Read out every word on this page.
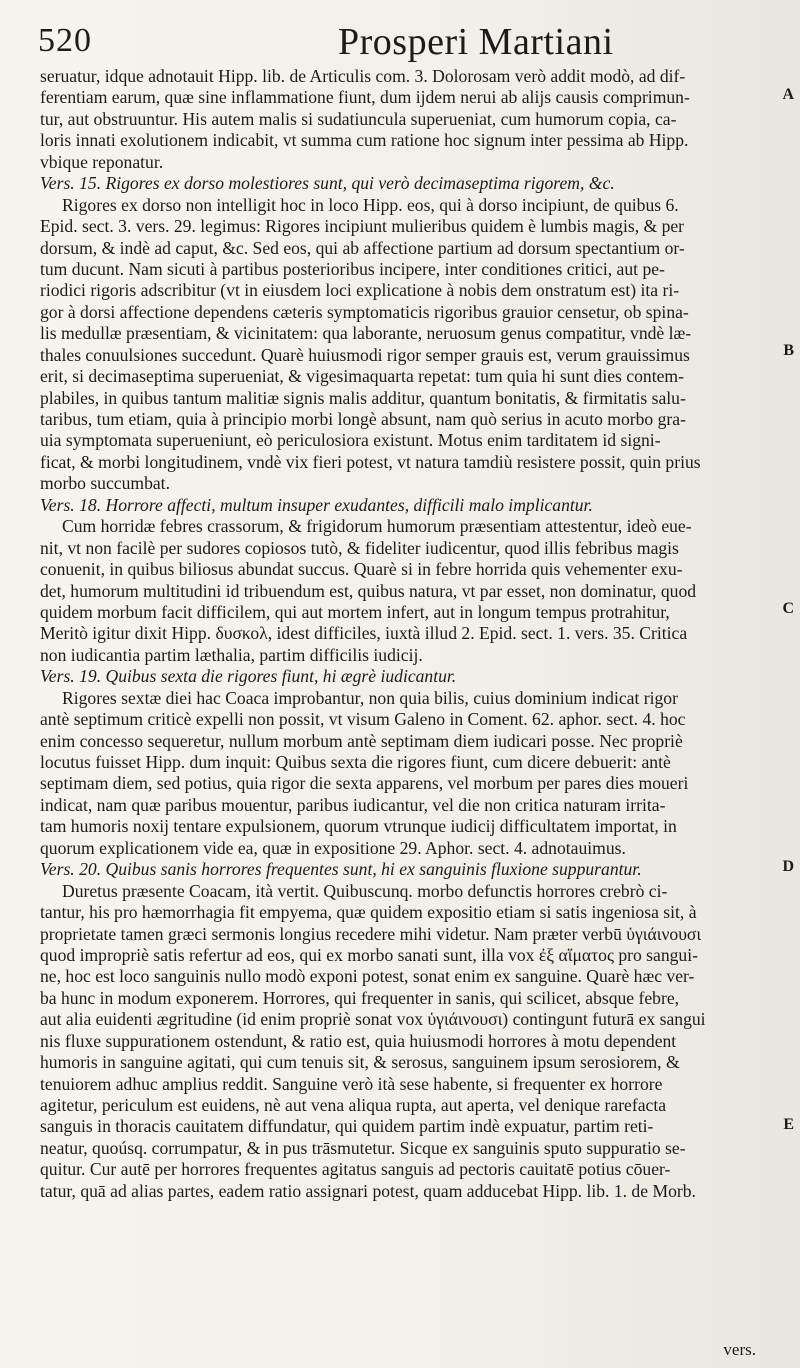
520	Prosperi Martiani
seruatur, idque adnotauit Hipp. lib. de Articulis com. 3. Dolorosam verò addit modò, ad dif-
ferentiam earum, quæ sine inflammatione fiunt, dum ijdem nerui ab alijs causis comprimun-
tur, aut obstruuntur. His autem malis si sudatiuncula superueniat, cum humorum copia, ca-
loris innati exolutionem indicabit, vt summa cum ratione hoc signum inter pessima ab Hipp.
vbique reponatur.
Vers. 15. Rigores ex dorso molestiores sunt, qui verò decimaseptima rigorem, &c.
Rigores ex dorso non intelligit hoc in loco Hipp. eos, qui à dorso incipiunt, de quibus 6.
Epid. sect. 3. vers. 29. legimus: Rigores incipiunt mulieribus quidem è lumbis magis, & per
dorsum, & indè ad caput, &c. Sed eos, qui ab affectione partium ad dorsum spectantium or-
tum ducunt. Nam sicuti à partibus posterioribus incipere, inter conditiones critici, aut pe-
riodici rigoris adscribitur (vt in eiusdem loci explicatione à nobis dem onstratum est) ita ri-
gor à dorsi affectione dependens cæteris symptomaticis rigoribus grauior censetur, ob spina-
lis medullæ præsentiam, & vicinitatem: qua laborante, neruosum genus compatitur, vndè læ-
thales conuulsiones succedunt. Quarè huiusmodi rigor semper grauis est, verum grauissimus
erit, si decimaseptima superueniat, & vigesimaquarta repetat: tum quia hi sunt dies contem-
plabiles, in quibus tantum malitiæ signis malis additur, quantum bonitatis, & firmitatis salu-
taribus, tum etiam, quia à principio morbi longè absunt, nam quò serius in acuto morbo gra-
uia symptomata superueniunt, eò periculosiora existunt. Motus enim tarditatem id signi-
ficat, & morbi longitudinem, vndè vix fieri potest, vt natura tamdiù resistere possit, quin prius
morbo succumbat.
Vers. 18. Horrore affecti, multum insuper exudantes, difficili malo implicantur.
Cum horridæ febres crassorum, & frigidorum humorum præsentiam attestentur, ideò eue-
nit, vt non facilè per sudores copiosos tutò, & fideliter iudicentur, quod illis febribus magis
conuenit, in quibus biliosus abundat succus. Quarè si in febre horrida quis vehementer exu-
det, humorum multitudini id tribuendum est, quibus natura, vt par esset, non dominatur, quod
quidem morbum facit difficilem, qui aut mortem infert, aut in longum tempus protrahitur,
Meritò igitur dixit Hipp. δυσκολ, idest difficiles, iuxtà illud 2. Epid. sect. 1. vers. 35. Critica
non iudicantia partim læthalia, partim difficilis iudicij.
Vers. 19. Quibus sexta die rigores fiunt, hi ægrè iudicantur.
Rigores sextæ diei hac Coaca improbantur, non quia bilis, cuius dominium indicat rigor
antè septimum criticè expelli non possit, vt visum Galeno in Coment. 62. aphor. sect. 4. hoc
enim concesso sequeretur, nullum morbum antè septimam diem iudicari posse. Nec propriè
locutus fuisset Hipp. dum inquit: Quibus sexta die rigores fiunt, cum dicere debuerit: antè
septimam diem, sed potius, quia rigor die sexta apparens, vel morbum per pares dies moueri
indicat, nam quæ paribus mouentur, paribus iudicantur, vel die non critica naturam irrita-
tam humoris noxij tentare expulsionem, quorum vtrunque iudicij difficultatem importat, in
quorum explicationem vide ea, quæ in expositione 29. Aphor. sect. 4. adnotauimus.
Vers. 20. Quibus sanis horrores frequentes sunt, hi ex sanguinis fluxione suppurantur.
Duretus præsente Coacam, ità vertit. Quibuscunq. morbo defunctis horrores crebrò ci-
tantur, his pro hæmorrhagia fit empyema, quæ quidem expositio etiam si satis ingeniosa sit, à
proprietate tamen græci sermonis longius recedere mihi videtur. Nam præter verbū ὑγιάινουσι
quod impropriè satis refertur ad eos, qui ex morbo sanati sunt, illa vox ἐξ αἵματος pro sangui-
ne, hoc est loco sanguinis nullo modò exponi potest, sonat enim ex sanguine. Quarè hæc ver-
ba hunc in modum exponerem. Horrores, qui frequenter in sanis, qui scilicet, absque febre,
aut alia euidenti ægritudine (id enim propriè sonat vox ὑγιάινουσι) contingunt futurā ex sangui
nis fluxe suppurationem ostendunt, & ratio est, quia huiusmodi horrores à motu dependent
humoris in sanguine agitati, qui cum tenuis sit, & serosus, sanguinem ipsum serosiorem, &
tenuiorem adhuc amplius reddit. Sanguine verò ità sese habente, si frequenter ex horrore
agitetur, periculum est euidens, nè aut vena aliqua rupta, aut aperta, vel denique rarefacta
sanguis in thoracis cauitatem diffundatur, qui quidem partim indè expuatur, partim reti-
neatur, quoúsq. corrumpatur, & in pus trāsmutetur. Sicque ex sanguinis sputo suppuratio se-
quitur. Cur autē per horrores frequentes agitatus sanguis ad pectoris cauitatē potius cōuer-
tatur, quā ad alias partes, eadem ratio assignari potest, quam adducebat Hipp. lib. 1. de Morb.
A
B
C
D
E
vers.
